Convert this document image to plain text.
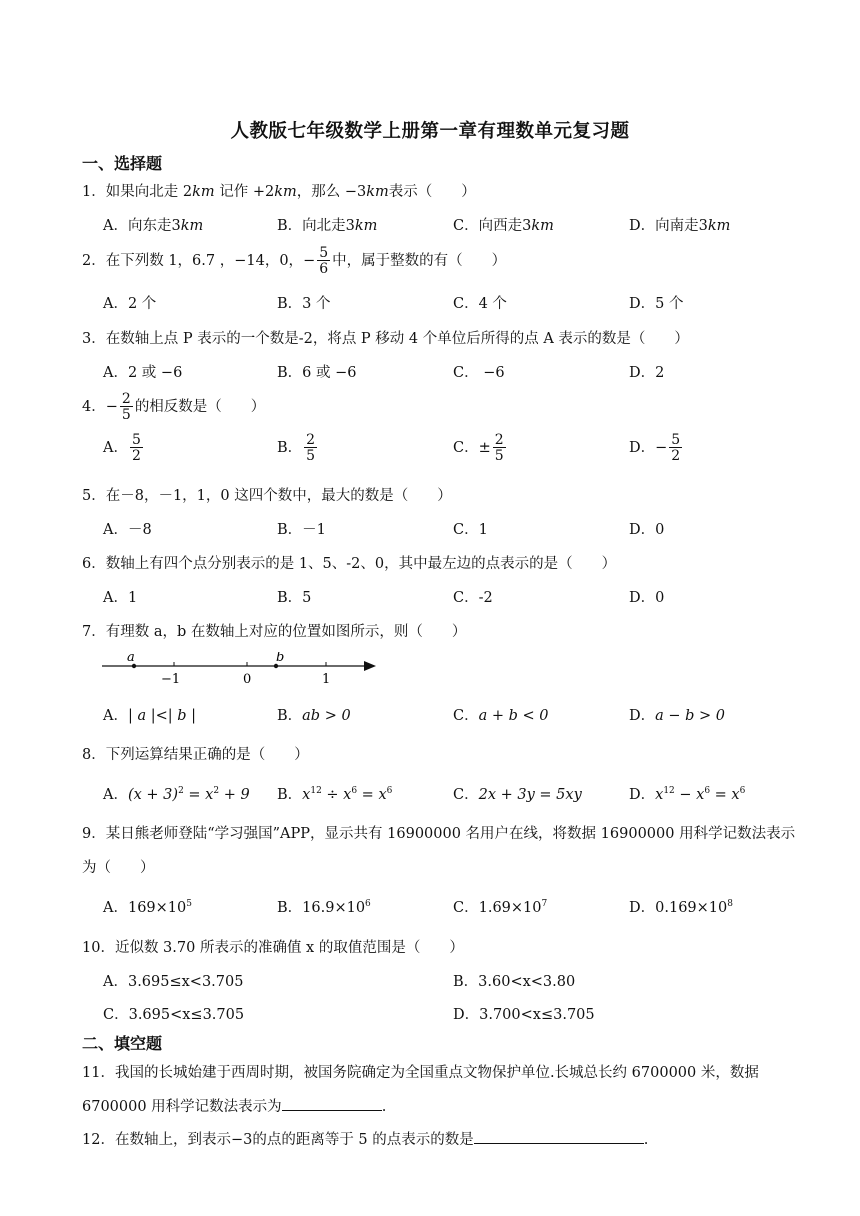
人教版七年级数学上册第一章有理数单元复习题
一、选择题
1．如果向北走 2km 记作 +2km，那么 −3km表示（　　）
A．向东走3km	B．向北走3km	C．向西走3km	D．向南走3km
2．在下列数 1，6.7 ，−14，0，− $\frac{5}{6}$ 中，属于整数的有（　　）
A．2 个	B．3 个	C．4 个	D．5 个
3．在数轴上点 P 表示的一个数是-2，将点 P 移动 4 个单位后所得的点 A 表示的数是（　　）
A．2 或 −6	B．6 或 −6	C． −6	D．2
4．− $\frac{2}{5}$ 的相反数是（　　）
A． $\frac{5}{2}$	B． $\frac{2}{5}$	C．± $\frac{2}{5}$	D．− $\frac{5}{2}$
5．在－8，－1，1，0 这四个数中，最大的数是（　　）
A．－8	B．－1	C．1	D．0
6．数轴上有四个点分别表示的是 1、5、-2、0，其中最左边的点表示的是（　　）
A．1	B．5	C．-2	D．0
7．有理数 a，b 在数轴上对应的位置如图所示，则（　　）
a	b
−1	0	1
A．| a |<| b |	B．ab > 0	C．a + b < 0	D．a − b > 0
8．下列运算结果正确的是（　　）
A．$(x + 3)^2 = x^2 + 9$ B．$x^{12} \div x^6 = x^6$	C．2x + 3y = 5xy	D．$x^{12} - x^6 = x^6$
9．某日熊老师登陆“学习强国”APP，显示共有 16900000 名用户在线，将数据 16900000 用科学记数法表示
为（　　）
A．$169\times 10^5$	B．$16.9\times 10^6$	C．$1.69\times 10^7$	D．$0.169\times 10^8$
10．近似数 3.70 所表示的准确值 x 的取值范围是（　　）
A．3.695≤x<3.705	B．3.60<x<3.80
C．3.695<x≤3.705	D．3.700<x≤3.705
二、填空题
11．我国的长城始建于西周时期，被国务院确定为全国重点文物保护单位.长城总长约 6700000 米，数据
6700000 用科学记数法表示为	.
12．在数轴上，到表示−3的点的距离等于 5 的点表示的数是	.
